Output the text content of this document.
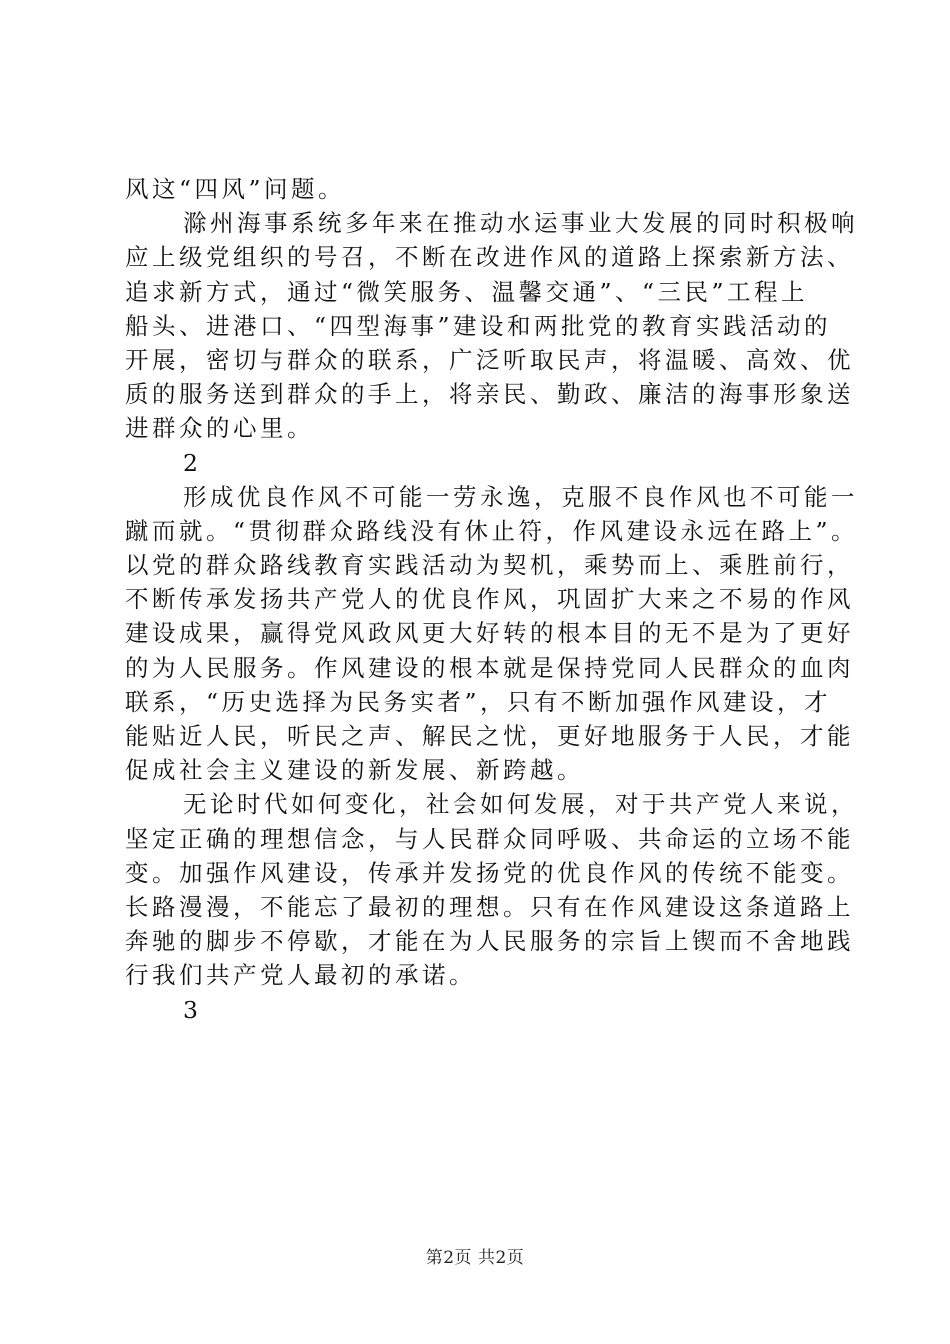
风这“四风”问题。
滁州海事系统多年来在推动水运事业大发展的同时积极响
应上级党组织的号召，不断在改进作风的道路上探索新方法、
追求新方式，通过“微笑服务、温馨交通”、“三民”工程上
船头、进港口、“四型海事”建设和两批党的教育实践活动的
开展，密切与群众的联系，广泛听取民声，将温暖、高效、优
质的服务送到群众的手上，将亲民、勤政、廉洁的海事形象送
进群众的心里。
2
形成优良作风不可能一劳永逸，克服不良作风也不可能一
蹴而就。“贯彻群众路线没有休止符，作风建设永远在路上”。
以党的群众路线教育实践活动为契机，乘势而上、乘胜前行，
不断传承发扬共产党人的优良作风，巩固扩大来之不易的作风
建设成果，赢得党风政风更大好转的根本目的无不是为了更好
的为人民服务。作风建设的根本就是保持党同人民群众的血肉
联系，“历史选择为民务实者”，只有不断加强作风建设，才
能贴近人民，听民之声、解民之忧，更好地服务于人民，才能
促成社会主义建设的新发展、新跨越。
无论时代如何变化，社会如何发展，对于共产党人来说，
坚定正确的理想信念，与人民群众同呼吸、共命运的立场不能
变。加强作风建设，传承并发扬党的优良作风的传统不能变。
长路漫漫，不能忘了最初的理想。只有在作风建设这条道路上
奔驰的脚步不停歇，才能在为人民服务的宗旨上锲而不舍地践
行我们共产党人最初的承诺。
3
第2页 共2页
